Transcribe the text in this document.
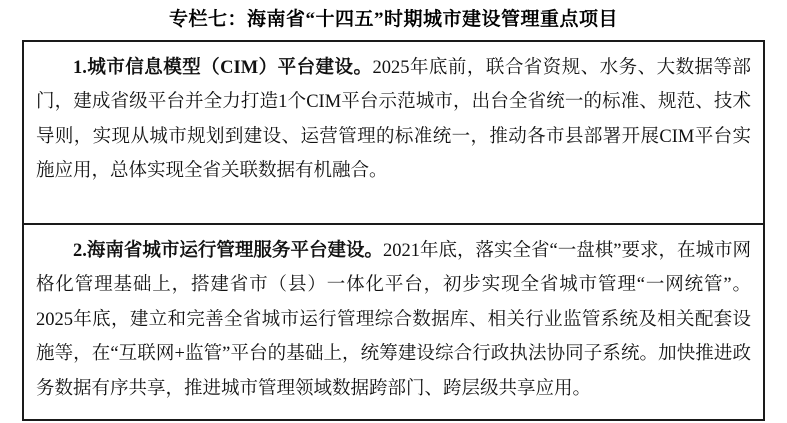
专栏七：海南省“十四五”时期城市建设管理重点项目

1.城市信息模型（CIM）平台建设。2025年底前，联合省资规、水务、大数据等部门，建成省级平台并全力打造1个CIM平台示范城市，出台全省统一的标准、规范、技术导则，实现从城市规划到建设、运营管理的标准统一，推动各市县部署开展CIM平台实施应用，总体实现全省关联数据有机融合。

2.海南省城市运行管理服务平台建设。2021年底，落实全省“一盘棋”要求，在城市网格化管理基础上，搭建省市（县）一体化平台，初步实现全省城市管理“一网统管”。2025年底，建立和完善全省城市运行管理综合数据库、相关行业监管系统及相关配套设施等，在“互联网+监管”平台的基础上，统筹建设综合行政执法协同子系统。加快推进政务数据有序共享，推进城市管理领域数据跨部门、跨层级共享应用。
